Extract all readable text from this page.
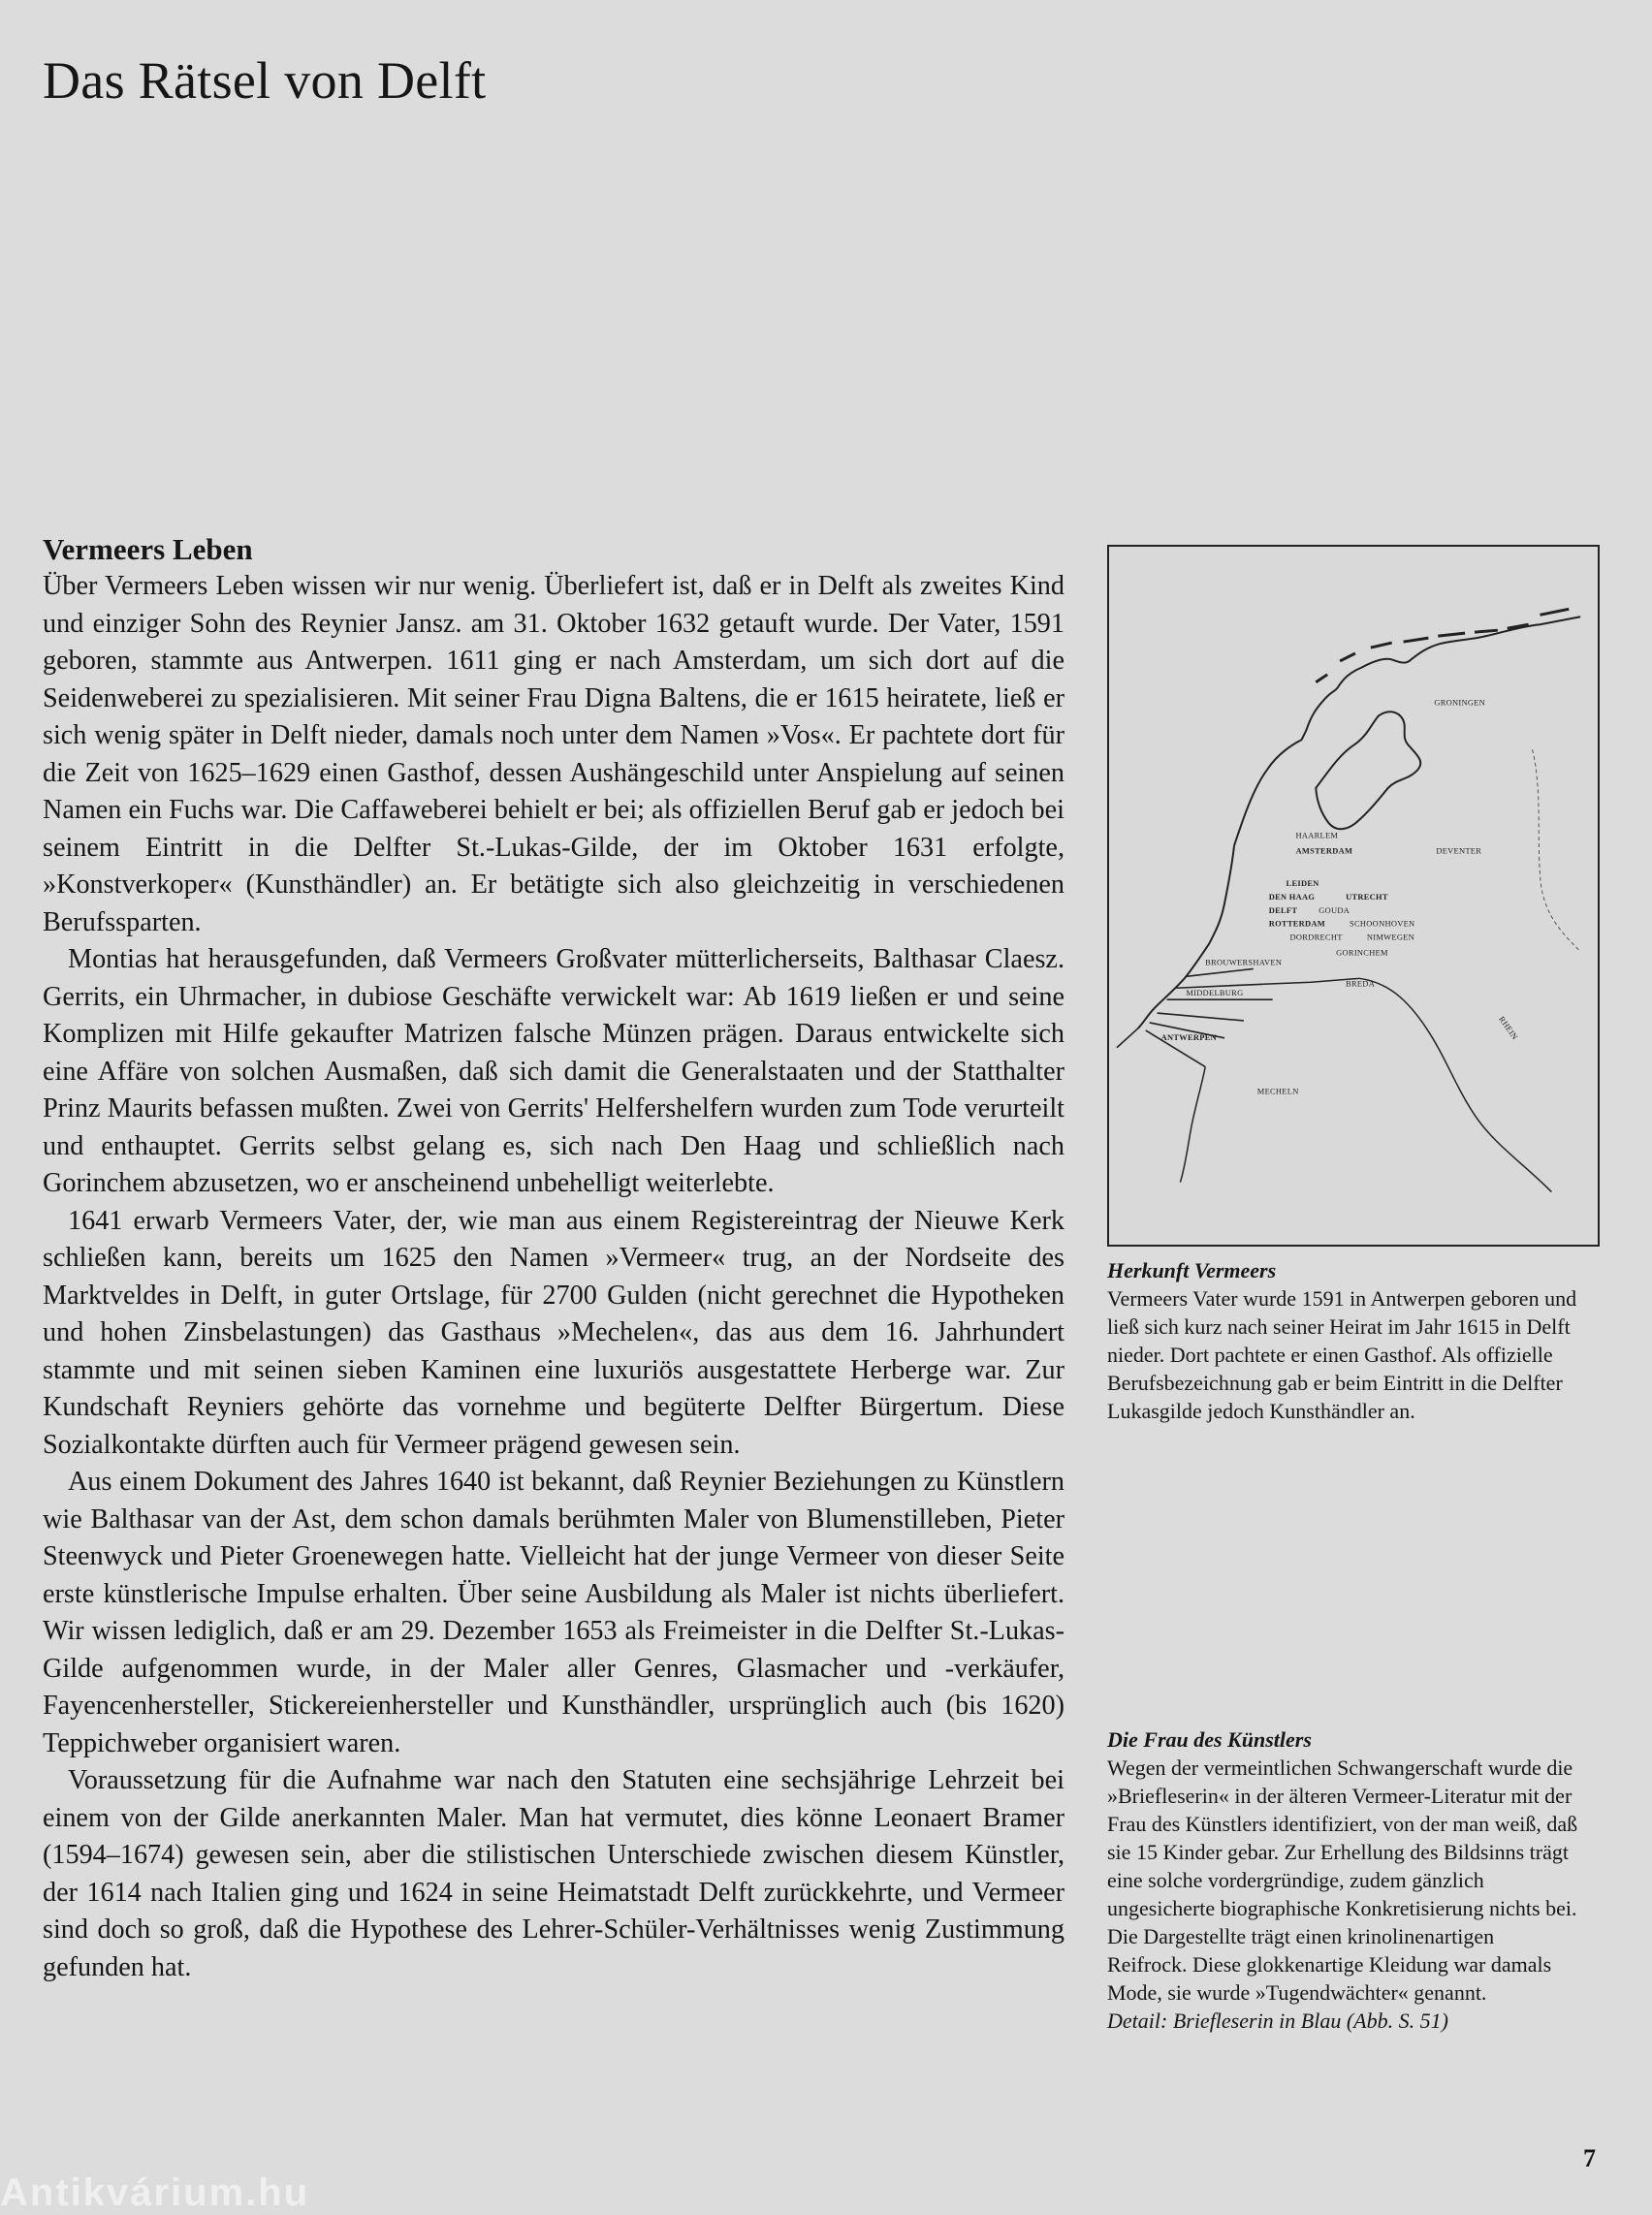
Das Rätsel von Delft
Vermeers Leben

Über Vermeers Leben wissen wir nur wenig. Überliefert ist, daß er in Delft als zweites Kind und einziger Sohn des Reynier Jansz. am 31. Oktober 1632 getauft wurde. Der Vater, 1591 geboren, stammte aus Antwerpen. 1611 ging er nach Amsterdam, um sich dort auf die Seidenweberei zu spezialisieren. Mit seiner Frau Digna Baltens, die er 1615 heiratete, ließ er sich wenig später in Delft nieder, damals noch unter dem Namen »Vos«. Er pachtete dort für die Zeit von 1625–1629 einen Gasthof, dessen Aushängeschild unter Anspielung auf seinen Namen ein Fuchs war. Die Caffaweberei behielt er bei; als offiziellen Beruf gab er jedoch bei seinem Eintritt in die Delfter St.-Lukas-Gilde, der im Oktober 1631 erfolgte, »Konstverkoper« (Kunsthändler) an. Er betätigte sich also gleichzeitig in verschiedenen Berufssparten.

Montias hat herausgefunden, daß Vermeers Großvater mütterlicherseits, Balthasar Claesz. Gerrits, ein Uhrmacher, in dubiose Geschäfte verwickelt war: Ab 1619 ließen er und seine Komplizen mit Hilfe gekaufter Matrizen falsche Münzen prägen. Daraus entwickelte sich eine Affäre von solchen Ausmaßen, daß sich damit die Generalstaaten und der Statthalter Prinz Maurits befassen mußten. Zwei von Gerrits' Helfershelfern wurden zum Tode verurteilt und enthauptet. Gerrits selbst gelang es, sich nach Den Haag und schließlich nach Gorinchem abzusetzen, wo er anscheinend unbehelligt weiterlebte.

1641 erwarb Vermeers Vater, der, wie man aus einem Registereintrag der Nieuwe Kerk schließen kann, bereits um 1625 den Namen »Vermeer« trug, an der Nordseite des Marktveldes in Delft, in guter Ortslage, für 2700 Gulden (nicht gerechnet die Hypotheken und hohen Zinsbelastungen) das Gasthaus »Mechelen«, das aus dem 16. Jahrhundert stammte und mit seinen sieben Kaminen eine luxuriös ausgestattete Herberge war. Zur Kundschaft Reyniers gehörte das vornehme und begüterte Delfter Bürgertum. Diese Sozialkontakte dürften auch für Vermeer prägend gewesen sein.

Aus einem Dokument des Jahres 1640 ist bekannt, daß Reynier Beziehungen zu Künstlern wie Balthasar van der Ast, dem schon damals berühmten Maler von Blumenstilleben, Pieter Steenwyck und Pieter Groenewegen hatte. Vielleicht hat der junge Vermeer von dieser Seite erste künstlerische Impulse erhalten. Über seine Ausbildung als Maler ist nichts überliefert. Wir wissen lediglich, daß er am 29. Dezember 1653 als Freimeister in die Delfter St.-Lukas-Gilde aufgenommen wurde, in der Maler aller Genres, Glasmacher und -verkäufer, Fayencenhersteller, Stickereienhersteller und Kunsthändler, ursprünglich auch (bis 1620) Teppichweber organisiert waren.

Voraussetzung für die Aufnahme war nach den Statuten eine sechsjährige Lehrzeit bei einem von der Gilde anerkannten Maler. Man hat vermutet, dies könne Leonaert Bramer (1594–1674) gewesen sein, aber die stilistischen Unterschiede zwischen diesem Künstler, der 1614 nach Italien ging und 1624 in seine Heimatstadt Delft zurückkehrte, und Vermeer sind doch so groß, daß die Hypothese des Lehrer-Schüler-Verhältnisses wenig Zustimmung gefunden hat.

GRONINGEN
HAARLEM
AMSTERDAM	DEVENTER
LEIDEN
DEN HAAG	UTRECHT
GOUDA
DELFT
ROTTERDAM	SCHOONHOVEN
DORDRECHT	NIMWEGEN
GORINCHEM
BROUWERSHAVEN
BREDA
MIDDELBURG
ANTWERPEN
MECHELN
RHEIN
Herkunft Vermeers
Vermeers Vater wurde 1591 in Antwerpen geboren und ließ sich kurz nach seiner Heirat im Jahr 1615 in Delft nieder. Dort pachtete er einen Gasthof. Als offizielle Berufsbezeichnung gab er beim Eintritt in die Delfter Lukasgilde jedoch Kunsthändler an.
Die Frau des Künstlers
Wegen der vermeintlichen Schwangerschaft wurde die »Briefleserin« in der älteren Vermeer-Literatur mit der Frau des Künstlers identifiziert, von der man weiß, daß sie 15 Kinder gebar. Zur Erhellung des Bildsinns trägt eine solche vordergründige, zudem gänzlich ungesicherte biographische Konkretisierung nichts bei. Die Dargestellte trägt einen krinolinenartigen Reifrock. Diese glokkenartige Kleidung war damals Mode, sie wurde »Tugendwächter« genannt.
Detail: Briefleserin in Blau (Abb. S. 51)
7
Antikvárium.hu
